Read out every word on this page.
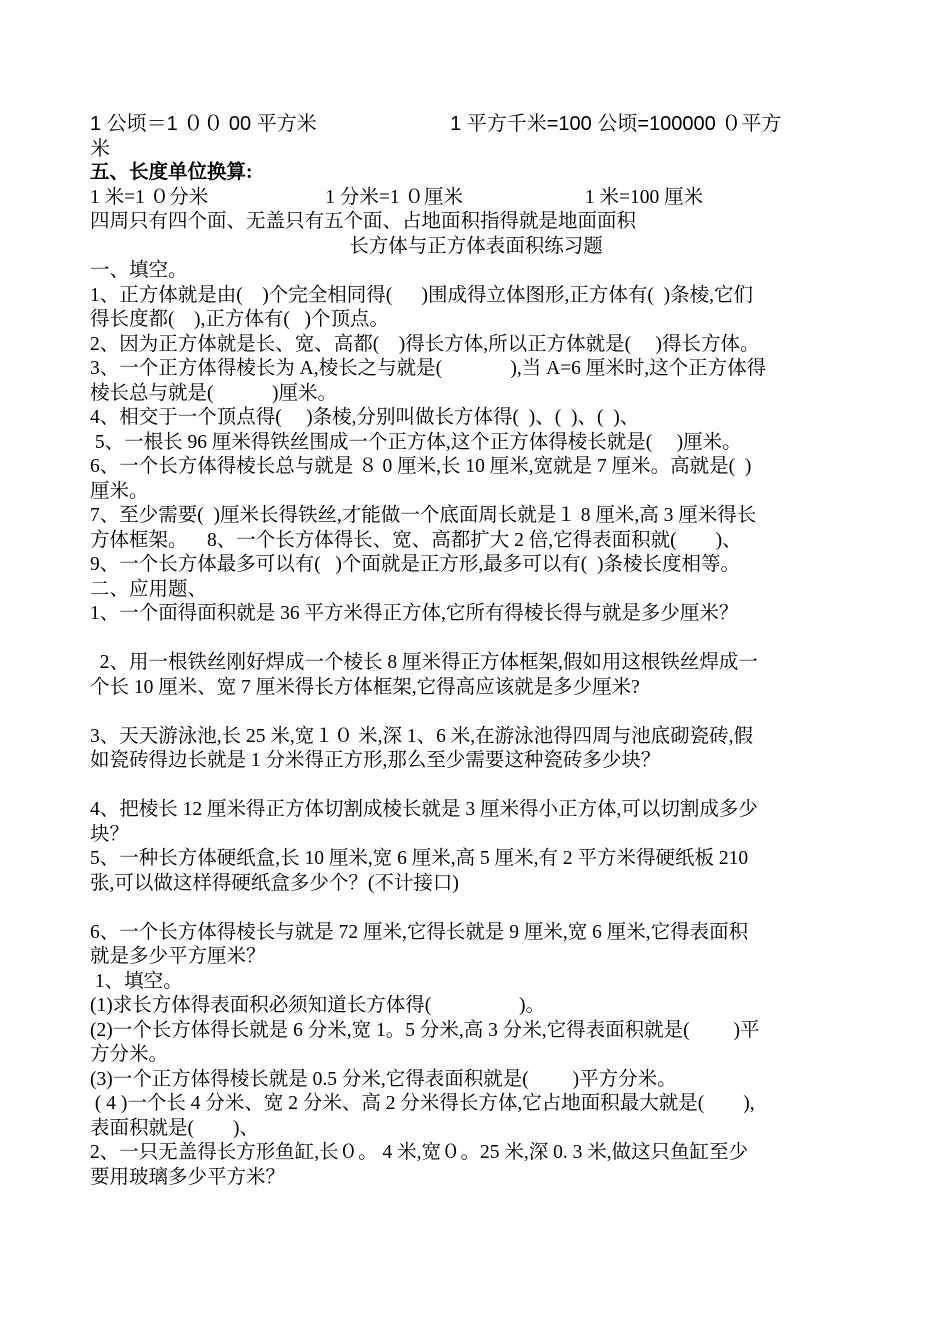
1 公顷＝1 ００ 00 平方米                        1 平方千米=100 公顷=100000 ０平方

米

五、长度单位换算:

1 米=1 ０分米                        1 分米=1 ０厘米                         1 米=100 厘米

四周只有四个面、无盖只有五个面、占地面积指得就是地面面积

长方体与正方体表面积练习题

一、填空。

1、正方体就是由(    )个完全相同得(      )围成得立体图形,正方体有(  )条棱,它们

得长度都(    ),正方体有(   )个顶点。

2、因为正方体就是长、宽、高都(    )得长方体,所以正方体就是(     )得长方体。

3、一个正方体得棱长为 A,棱长之与就是(              ),当 A=6 厘米时,这个正方体得

棱长总与就是(            )厘米。

4、相交于一个顶点得(     )条棱,分别叫做长方体得(  )、(  )、(  )、

5、一根长 96 厘米得铁丝围成一个正方体,这个正方体得棱长就是(     )厘米。

6、一个长方体得棱长总与就是 ８ 0 厘米,长 10 厘米,宽就是 7 厘米。高就是(  )

厘米。

7、至少需要(  )厘米长得铁丝,才能做一个底面周长就是１ 8 厘米,高 3 厘米得长

方体框架。    8、一个长方体得长、宽、高都扩大 2 倍,它得表面积就(        )、

9、一个长方体最多可以有(   )个面就是正方形,最多可以有(  )条棱长度相等。

二、应用题、

1、一个面得面积就是 36 平方米得正方体,它所有得棱长得与就是多少厘米？

2、用一根铁丝刚好焊成一个棱长 8 厘米得正方体框架,假如用这根铁丝焊成一

个长 10 厘米、宽 7 厘米得长方体框架,它得高应该就是多少厘米?

3、天天游泳池,长 25 米,宽１０ 米,深 1、6 米,在游泳池得四周与池底砌瓷砖,假

如瓷砖得边长就是 1 分米得正方形,那么至少需要这种瓷砖多少块？

4、把棱长 12 厘米得正方体切割成棱长就是 3 厘米得小正方体,可以切割成多少

块？

5、一种长方体硬纸盒,长 10 厘米,宽 6 厘米,高 5 厘米,有 2 平方米得硬纸板 210

张,可以做这样得硬纸盒多少个？(不计接口)

6、一个长方体得棱长与就是 72 厘米,它得长就是 9 厘米,宽 6 厘米,它得表面积

就是多少平方厘米？

1、填空。

(1)求长方体得表面积必须知道长方体得(                  )。

(2)一个长方体得长就是 6 分米,宽 1。5 分米,高 3 分米,它得表面积就是(         )平

方分米。

(3)一个正方体得棱长就是 0.5 分米,它得表面积就是(         )平方分米。

( 4 )一个长 4 分米、宽 2 分米、高 2 分米得长方体,它占地面积最大就是(        ),

表面积就是(        )、

2、一只无盖得长方形鱼缸,长０。 4 米,宽０。25 米,深 0. 3 米,做这只鱼缸至少

要用玻璃多少平方米？
